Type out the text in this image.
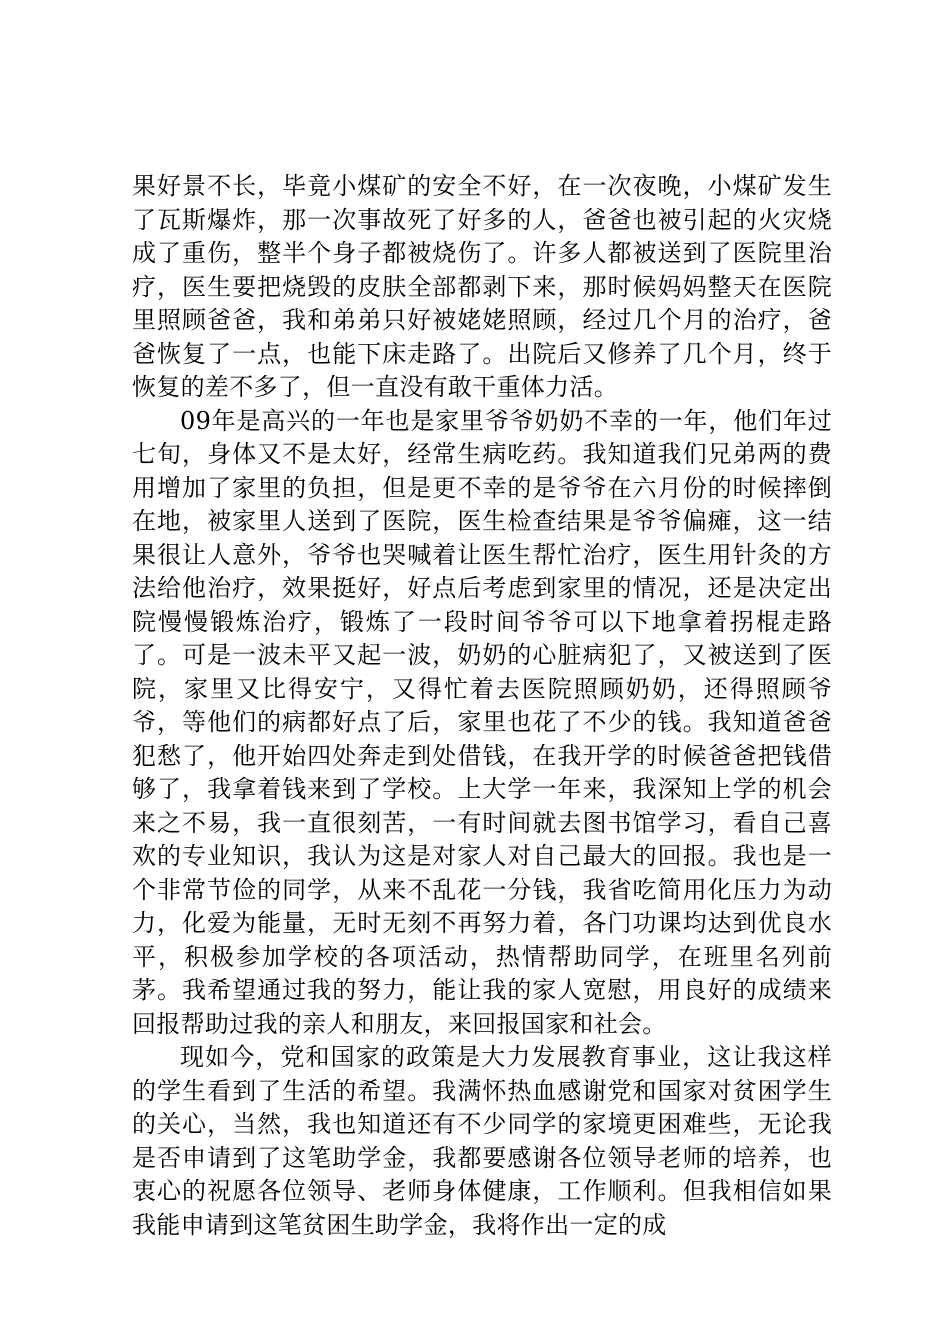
果好景不长，毕竟小煤矿的安全不好，在一次夜晚，小煤矿发生了瓦斯爆炸，那一次事故死了好多的人，爸爸也被引起的火灾烧成了重伤，整半个身子都被烧伤了。许多人都被送到了医院里治疗，医生要把烧毁的皮肤全部都剥下来，那时候妈妈整天在医院里照顾爸爸，我和弟弟只好被姥姥照顾，经过几个月的治疗，爸爸恢复了一点，也能下床走路了。出院后又修养了几个月，终于恢复的差不多了，但一直没有敢干重体力活。

09年是高兴的一年也是家里爷爷奶奶不幸的一年，他们年过七旬，身体又不是太好，经常生病吃药。我知道我们兄弟两的费用增加了家里的负担，但是更不幸的是爷爷在六月份的时候摔倒在地，被家里人送到了医院，医生检查结果是爷爷偏瘫，这一结果很让人意外，爷爷也哭喊着让医生帮忙治疗，医生用针灸的方法给他治疗，效果挺好，好点后考虑到家里的情况，还是决定出院慢慢锻炼治疗，锻炼了一段时间爷爷可以下地拿着拐棍走路了。可是一波未平又起一波，奶奶的心脏病犯了，又被送到了医院，家里又比得安宁，又得忙着去医院照顾奶奶，还得照顾爷爷，等他们的病都好点了后，家里也花了不少的钱。我知道爸爸犯愁了，他开始四处奔走到处借钱，在我开学的时候爸爸把钱借够了，我拿着钱来到了学校。上大学一年来，我深知上学的机会来之不易，我一直很刻苦，一有时间就去图书馆学习，看自己喜欢的专业知识，我认为这是对家人对自己最大的回报。我也是一个非常节俭的同学，从来不乱花一分钱，我省吃简用化压力为动力，化爱为能量，无时无刻不再努力着，各门功课均达到优良水平，积极参加学校的各项活动，热情帮助同学，在班里名列前茅。我希望通过我的努力，能让我的家人宽慰，用良好的成绩来回报帮助过我的亲人和朋友，来回报国家和社会。

现如今，党和国家的政策是大力发展教育事业，这让我这样的学生看到了生活的希望。我满怀热血感谢党和国家对贫困学生的关心，当然，我也知道还有不少同学的家境更困难些，无论我是否申请到了这笔助学金，我都要感谢各位领导老师的培养，也衷心的祝愿各位领导、老师身体健康，工作顺利。但我相信如果我能申请到这笔贫困生助学金，我将作出一定的成
